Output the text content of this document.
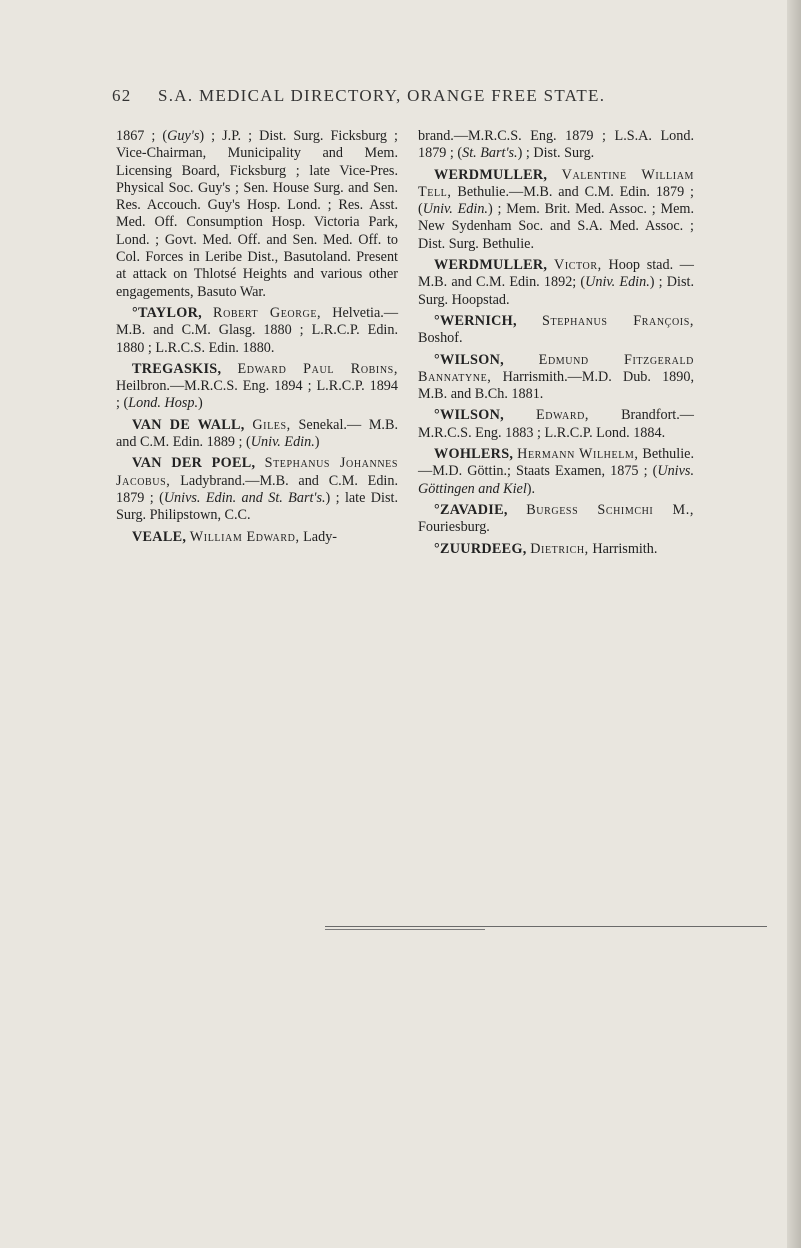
62 S.A. MEDICAL DIRECTORY, ORANGE FREE STATE.

1867 ; (Guy's) ; J.P. ; Dist. Surg. Ficksburg ; Vice-Chairman, Municipality and Mem. Licensing Board, Ficksburg ; late Vice-Pres. Physical Soc. Guy's ; Sen. House Surg. and Sen. Res. Accouch. Guy's Hosp. Lond. ; Res. Asst. Med. Off. Consumption Hosp. Victoria Park, Lond. ; Govt. Med. Off. and Sen. Med. Off. to Col. Forces in Leribe Dist., Basutoland. Present at attack on Thlotsé Heights and various other engagements, Basuto War.

°TAYLOR, Robert George, Helvetia.—M.B. and C.M. Glasg. 1880 ; L.R.C.P. Edin. 1880 ; L.R.C.S. Edin. 1880.

TREGASKIS, Edward Paul Robins, Heilbron.—M.R.C.S. Eng. 1894 ; L.R.C.P. 1894 ; (Lond. Hosp.)

VAN DE WALL, Giles, Senekal.— M.B. and C.M. Edin. 1889 ; (Univ. Edin.)

VAN DER POEL, Stephanus Johannes Jacobus, Ladybrand.—M.B. and C.M. Edin. 1879 ; (Univs. Edin. and St. Bart's.) ; late Dist. Surg. Philipstown, C.C.

VEALE, William Edward, Lady-

brand.—M.R.C.S. Eng. 1879 ; L.S.A. Lond. 1879 ; (St. Bart's.) ; Dist. Surg.

WERDMULLER, Valentine William Tell, Bethulie.—M.B. and C.M. Edin. 1879 ; (Univ. Edin.) ; Mem. Brit. Med. Assoc. ; Mem. New Sydenham Soc. and S.A. Med. Assoc. ; Dist. Surg. Bethulie.

WERDMULLER, Victor, Hoop stad. — M.B. and C.M. Edin. 1892; (Univ. Edin.) ; Dist. Surg. Hoopstad.

°WERNICH, Stephanus François, Boshof.

°WILSON, Edmund Fitzgerald Bannatyne, Harrismith.—M.D. Dub. 1890, M.B. and B.Ch. 1881.

°WILSON, Edward, Brandfort.— M.R.C.S. Eng. 1883 ; L.R.C.P. Lond. 1884.

WOHLERS, Hermann Wilhelm, Bethulie.—M.D. Göttin.; Staats Examen, 1875 ; (Univs. Göttingen and Kiel).

°ZAVADIE, Burgess Schimchi M., Fouriesburg.

°ZUURDEEG, Dietrich, Harrismith.
